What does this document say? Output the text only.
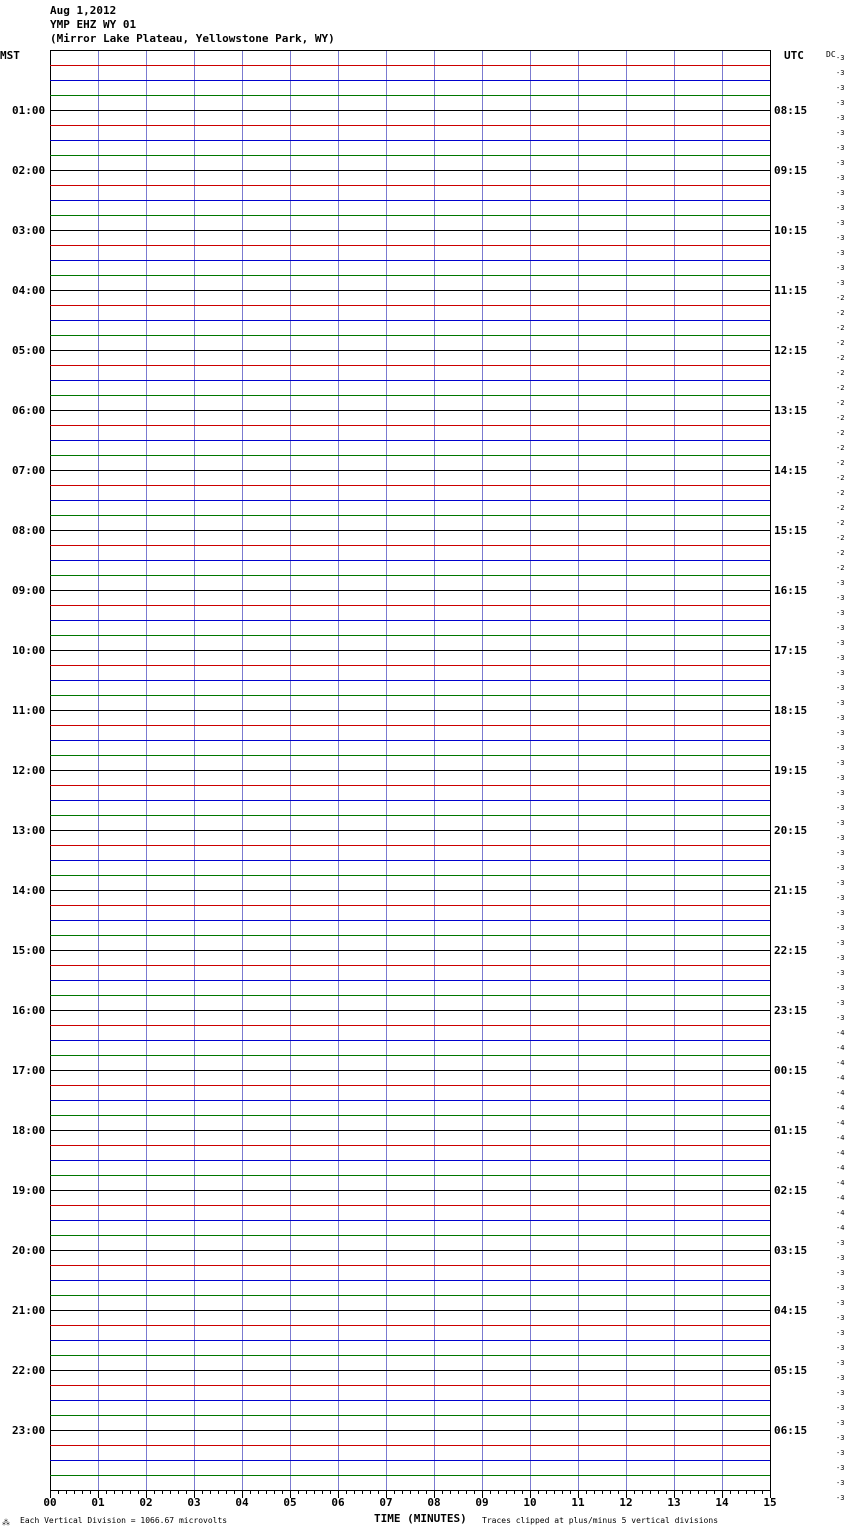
Aug 1,2012
YMP EHZ WY 01
(Mirror Lake Plateau, Yellowstone Park, WY)
MST	UTC	DC
00	01	02	03	04	05	06	07	08	09	10	11	12	13	14	15
01:00	08:15
02:00	09:15
03:00	10:15
04:00	11:15
05:00	12:15
06:00	13:15
07:00	14:15
08:00	15:15
09:00	16:15
10:00	17:15
11:00	18:15
12:00	19:15
13:00	20:15
14:00	21:15
15:00	22:15
16:00	23:15
17:00	00:15
18:00	01:15
19:00	02:15
20:00	03:15
21:00	04:15
22:00	05:15
23:00	06:15
-3
-3
-3
-3
-3
-3
-3
-3
-3
-3
-3
-3
-3
-3
-3
-3
-2
-2
-2
-2
-2
-2
-2
-2
-2
-2
-2
-2
-2
-2
-2
-2
-2
-2
-2
-3
-3
-3
-3
-3
-3
-3
-3
-3
-3
-3
-3
-3
-3
-3
-3
-3
-3
-3
-3
-3
-3
-3
-3
-3
-3
-3
-3
-3
-3
-4
-4
-4
-4
-4
-4
-4
-4
-4
-4
-4
-4
-4
-4
-3
-3
-3
-3
-3
-3
-3
-3
-3
-3
-3
-3
-3
-3
-3
-3
-3
-3
⁂ Each Vertical Division = 1066.67 microvolts	TIME (MINUTES) Traces clipped at plus/minus 5 vertical divisions
